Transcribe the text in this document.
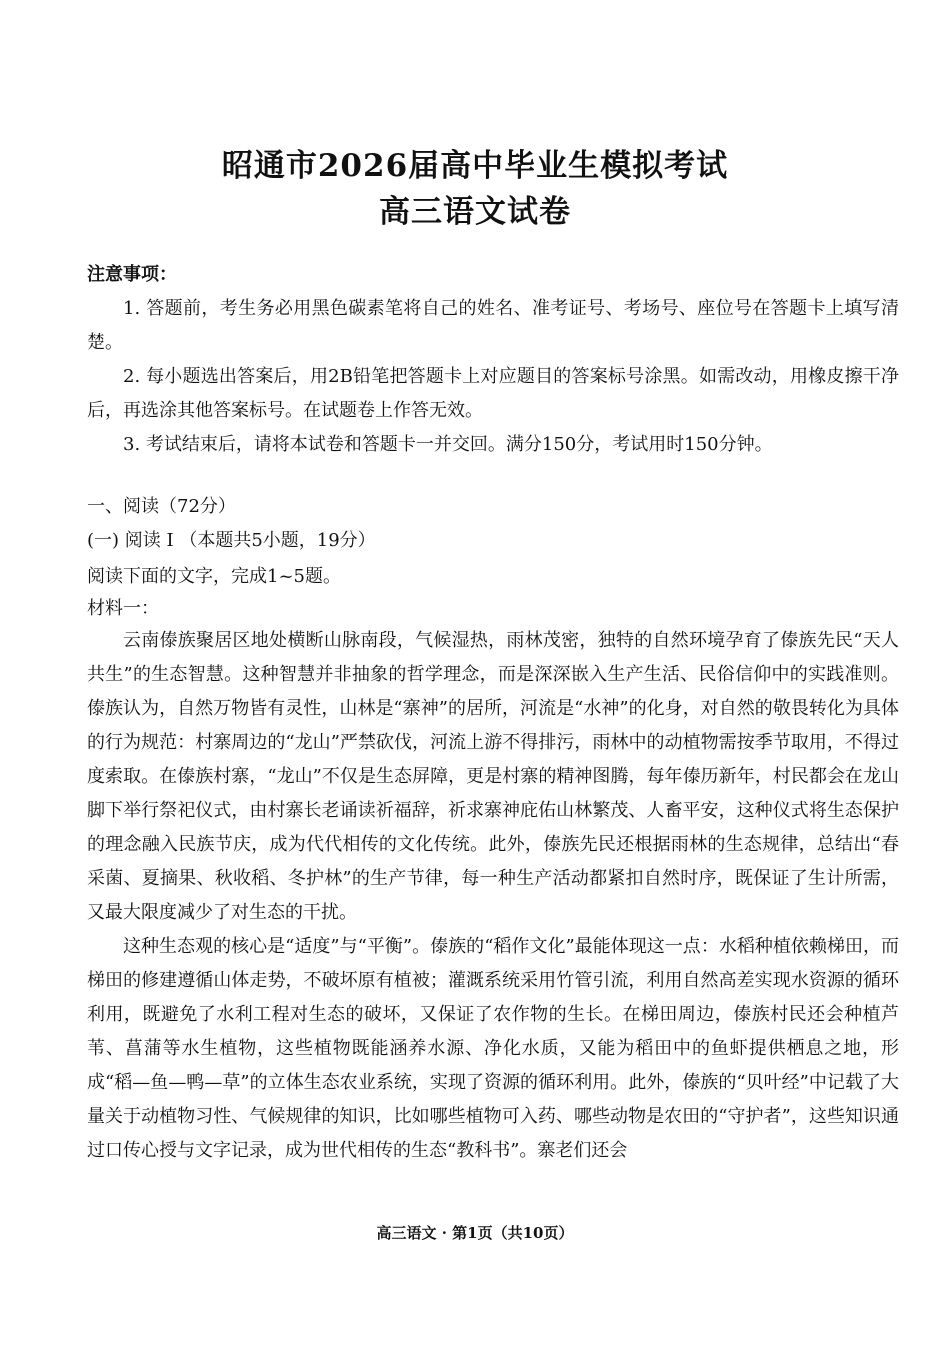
昭通市2026届高中毕业生模拟考试
高三语文试卷

注意事项：

1. 答题前，考生务必用黑色碳素笔将自己的姓名、准考证号、考场号、座位号在答题卡上填写清楚。

2. 每小题选出答案后，用2B铅笔把答题卡上对应题目的答案标号涂黑。如需改动，用橡皮擦干净后，再选涂其他答案标号。在试题卷上作答无效。

3. 考试结束后，请将本试卷和答题卡一并交回。满分150分，考试用时150分钟。

一、阅读（72分）

(一) 阅读 I （本题共5小题，19分）

阅读下面的文字，完成1~5题。

材料一：

云南傣族聚居区地处横断山脉南段，气候湿热，雨林茂密，独特的自然环境孕育了傣族先民“天人共生”的生态智慧。这种智慧并非抽象的哲学理念，而是深深嵌入生产生活、民俗信仰中的实践准则。傣族认为，自然万物皆有灵性，山林是“寨神”的居所，河流是“水神”的化身，对自然的敬畏转化为具体的行为规范：村寨周边的“龙山”严禁砍伐，河流上游不得排污，雨林中的动植物需按季节取用，不得过度索取。在傣族村寨，“龙山”不仅是生态屏障，更是村寨的精神图腾，每年傣历新年，村民都会在龙山脚下举行祭祀仪式，由村寨长老诵读祈福辞，祈求寨神庇佑山林繁茂、人畜平安，这种仪式将生态保护的理念融入民族节庆，成为代代相传的文化传统。此外，傣族先民还根据雨林的生态规律，总结出“春采菌、夏摘果、秋收稻、冬护林”的生产节律，每一种生产活动都紧扣自然时序，既保证了生计所需，又最大限度减少了对生态的干扰。

这种生态观的核心是“适度”与“平衡”。傣族的“稻作文化”最能体现这一点：水稻种植依赖梯田，而梯田的修建遵循山体走势，不破坏原有植被；灌溉系统采用竹管引流，利用自然高差实现水资源的循环利用，既避免了水利工程对生态的破坏，又保证了农作物的生长。在梯田周边，傣族村民还会种植芦苇、菖蒲等水生植物，这些植物既能涵养水源、净化水质，又能为稻田中的鱼虾提供栖息之地，形成“稻—鱼—鸭—草”的立体生态农业系统，实现了资源的循环利用。此外，傣族的“贝叶经”中记载了大量关于动植物习性、气候规律的知识，比如哪些植物可入药、哪些动物是农田的“守护者”，这些知识通过口传心授与文字记录，成为世代相传的生态“教科书”。寨老们还会

高三语文 · 第1页（共10页）
